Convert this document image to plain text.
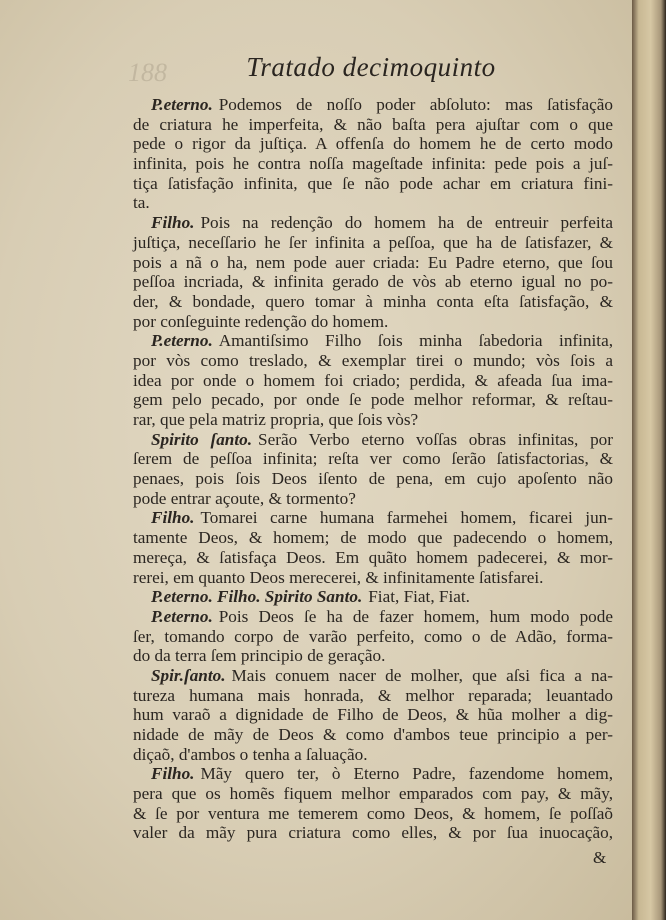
188	Tratado decimoquinto
P.eterno. Podemos de noſſo poder abſoluto: mas ſatisfação
de criatura he imperfeita, & não baſta pera ajuſtar com o que
pede o rigor da juſtiça. A offenſa do homem he de certo modo
infinita, pois he contra noſſa mageſtade infinita: pede pois a juſ-
tiça ſatisfação infinita, que ſe não pode achar em criatura fini-
ta.
Filho. Pois na redenção do homem ha de entreuir perfeita
juſtiça, neceſſario he ſer infinita a peſſoa, que ha de ſatisfazer, &
pois a nã o ha, nem pode auer criada: Eu Padre eterno, que ſou
peſſoa incriada, & infinita gerado de vòs ab eterno igual no po-
der, & bondade, quero tomar à minha conta eſta ſatisfação, &
por conſeguinte redenção do homem.
P.eterno. Amantiſsimo Filho ſois minha ſabedoria infinita,
por vòs como treslado, & exemplar tirei o mundo; vòs ſois a
idea por onde o homem foi criado; perdida, & afeada ſua ima-
gem pelo pecado, por onde ſe pode melhor reformar, & reſtau-
rar, que pela matriz propria, que ſois vòs?
Spirito ſanto. Serão Verbo eterno voſſas obras infinitas, por
ſerem de peſſoa infinita; reſta ver como ſerão ſatisfactorias, &
penaes, pois ſois Deos iſento de pena, em cujo apoſento não
pode entrar açoute, & tormento?
Filho. Tomarei carne humana farmehei homem, ficarei jun-
tamente Deos, & homem; de modo que padecendo o homem,
mereça, & ſatisfaça Deos. Em quãto homem padecerei, & mor-
rerei, em quanto Deos merecerei, & infinitamente ſatisfarei.
P.eterno. Filho. Spirito Santo. Fiat, Fiat, Fiat.
P.eterno. Pois Deos ſe ha de fazer homem, hum modo pode
ſer, tomando corpo de varão perfeito, como o de Adão, forma-
do da terra ſem principio de geração.
Spir.ſanto. Mais conuem nacer de molher, que aſsi fica a na-
tureza humana mais honrada, & melhor reparada; leuantado
hum varaõ a dignidade de Filho de Deos, & hũa molher a dig-
nidade de mãy de Deos & como d'ambos teue principio a per-
diçaõ, d'ambos o tenha a ſaluação.
Filho. Mãy quero ter, ò Eterno Padre, fazendome homem,
pera que os homẽs fiquem melhor emparados com pay, & mãy,
& ſe por ventura me temerem como Deos, & homem, ſe poſſaõ
valer da mãy pura criatura como elles, & por ſua inuocação,
&
